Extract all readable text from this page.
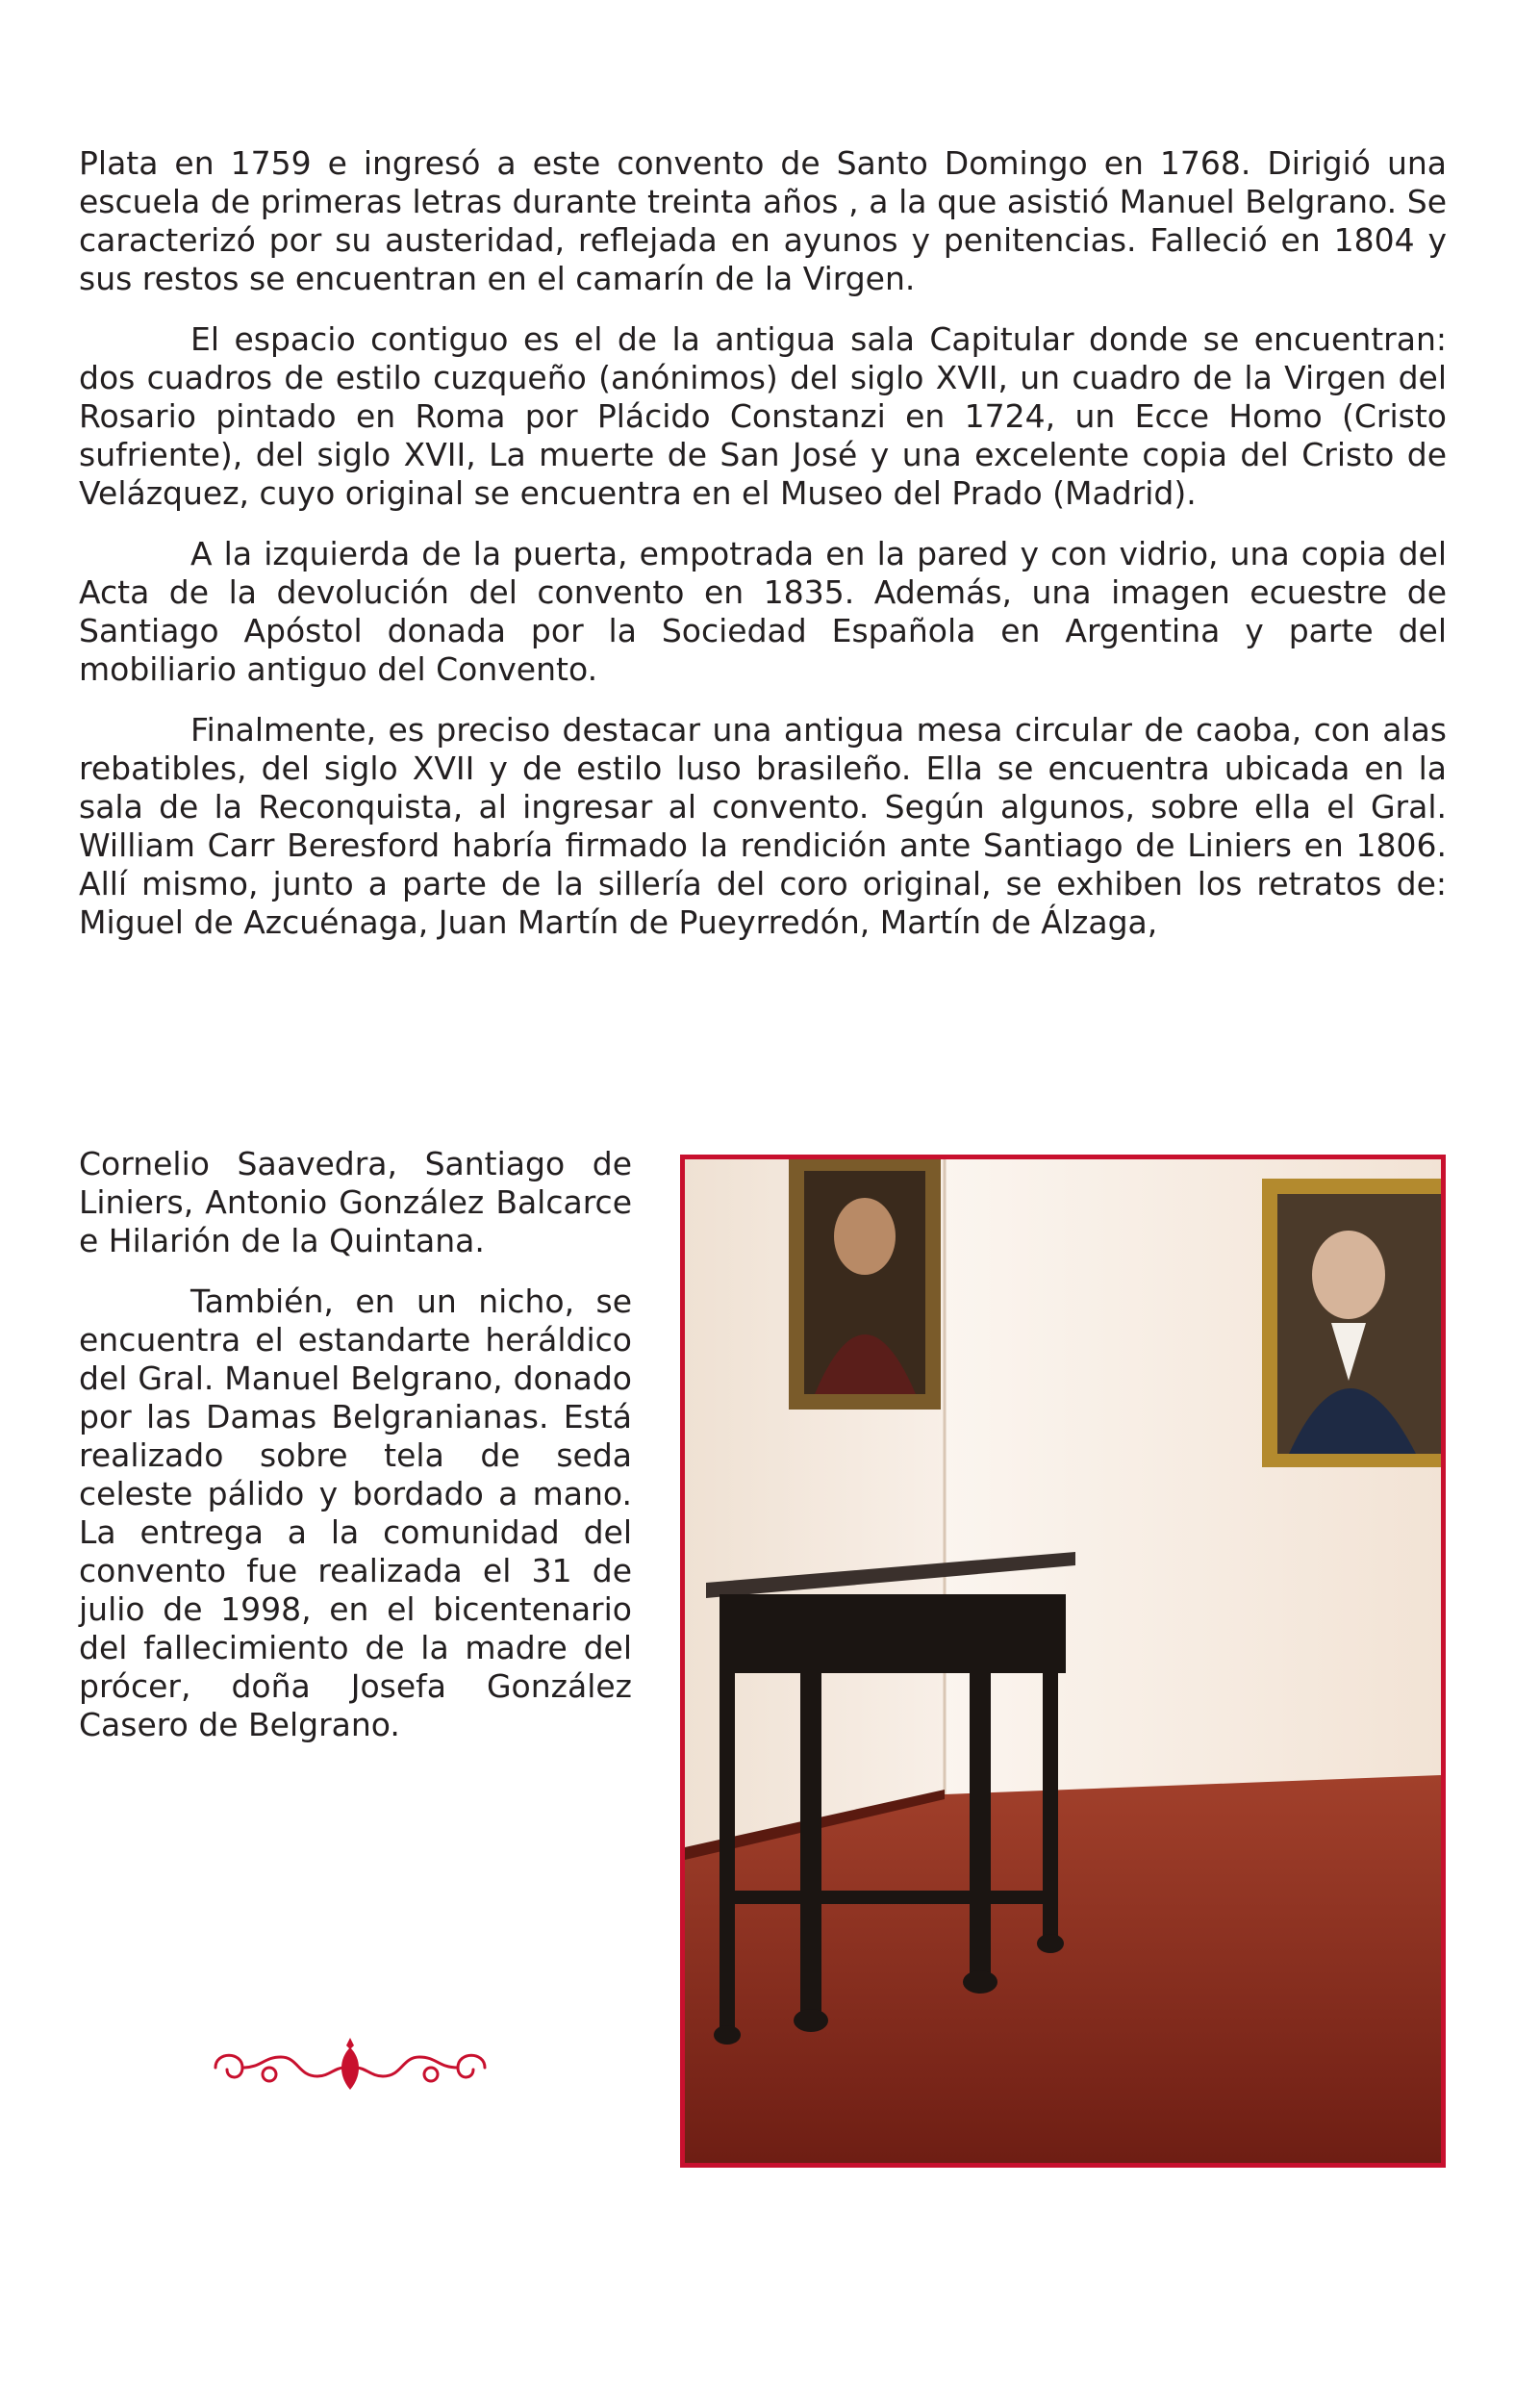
Plata en 1759 e ingresó a este convento de Santo Domingo en 1768. Dirigió una escuela de primeras letras durante treinta años , a la que asistió Manuel Belgrano. Se caracterizó por su austeridad, reflejada en ayunos y penitencias. Falleció en 1804 y sus restos se encuentran en el camarín de la Virgen.

El espacio contiguo es el de la antigua sala Capitular donde se encuentran: dos cuadros de estilo cuzqueño (anónimos) del siglo XVII, un cuadro de la Virgen del Rosario pintado en Roma por Plácido Constanzi en 1724, un Ecce Homo (Cristo sufriente), del siglo XVII, La muerte de San José y una excelente copia del Cristo de Velázquez, cuyo original se encuentra en el Museo del Prado (Madrid).

A la izquierda de la puerta, empotrada en la pared y con vidrio, una copia del Acta de la devolución del convento en 1835. Además, una imagen ecuestre de Santiago Apóstol donada por la Sociedad Española en Argentina y parte del mobiliario antiguo del Convento.

Finalmente, es preciso destacar una antigua mesa circular de caoba, con alas rebatibles, del siglo XVII y de estilo luso brasileño. Ella se encuentra ubicada en la sala de la Reconquista, al ingresar al convento. Según algunos, sobre ella el Gral. William Carr Beresford habría firmado la rendición ante Santiago de Liniers en 1806. Allí mismo, junto a parte de la sillería del coro original, se exhiben los retratos de: Miguel de Azcuénaga, Juan Martín de Pueyrredón, Martín de Álzaga,

Cornelio Saavedra, Santiago de Liniers, Antonio González Balcarce e Hilarión de la Quintana.

También, en un nicho, se encuentra el estandarte heráldico del Gral. Manuel Belgrano, donado por las Damas Belgranianas. Está realizado sobre tela de seda celeste pálido y bordado a mano. La entrega a la comunidad del convento fue realizada el 31 de julio de 1998, en el bicentenario del fallecimiento de la madre del prócer, doña Josefa González Casero de Belgrano.
